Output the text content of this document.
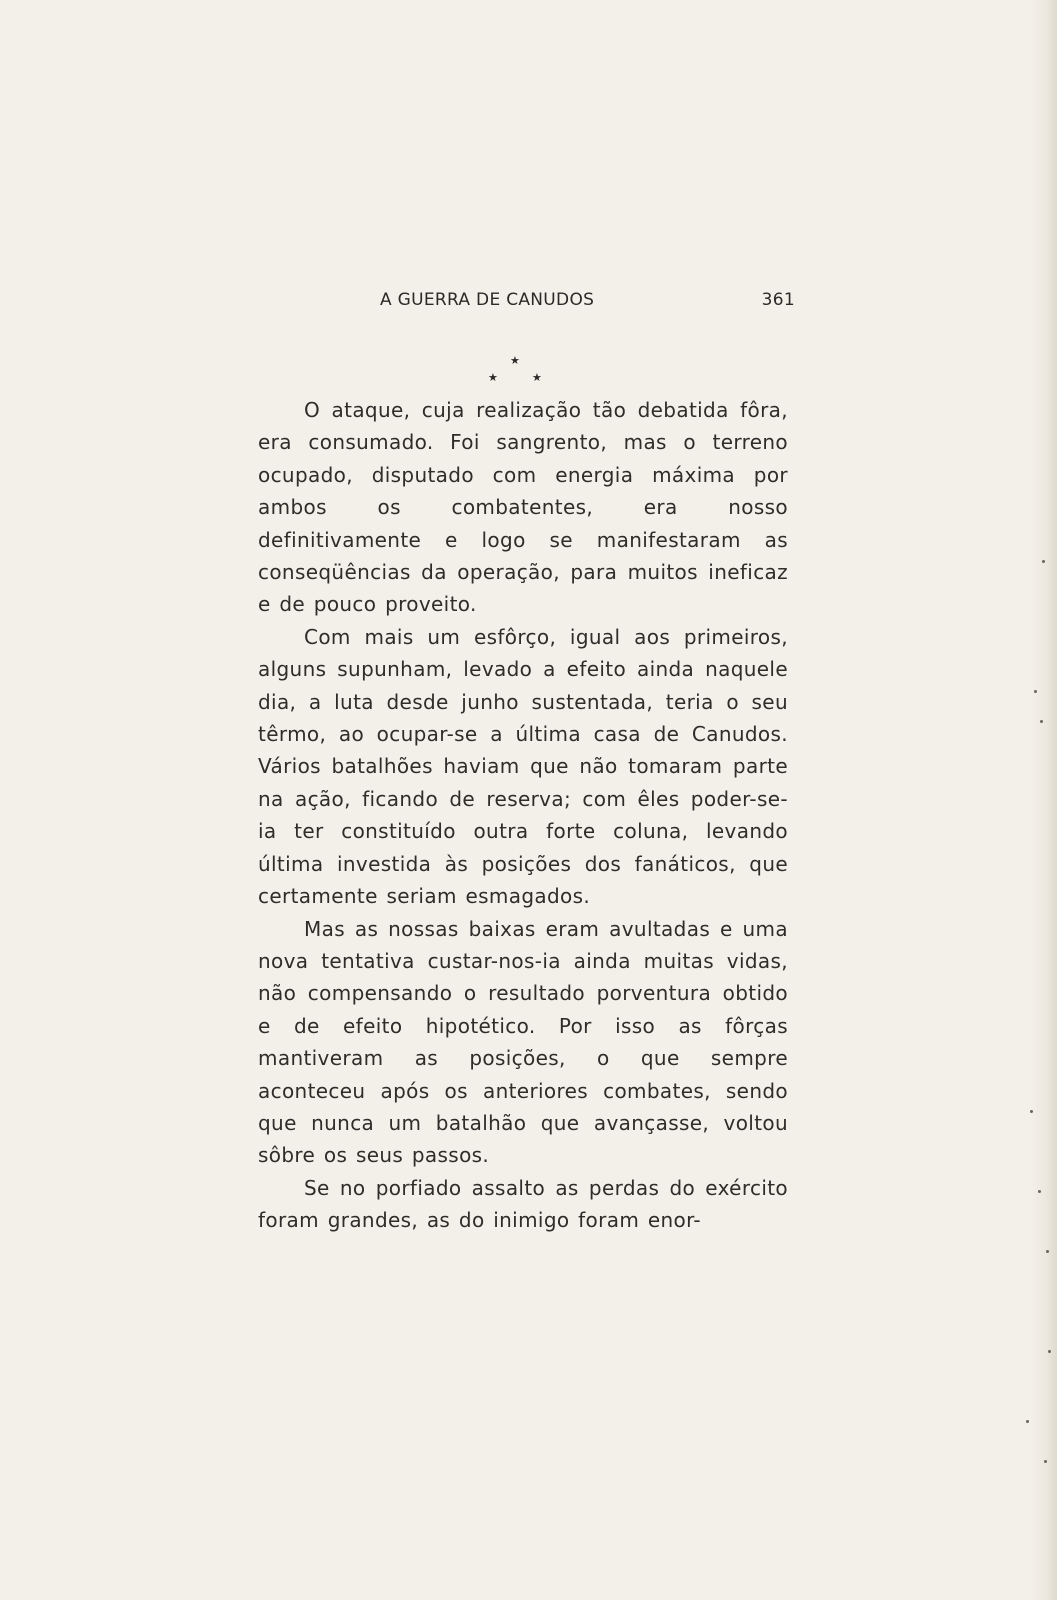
A GUERRA DE CANUDOS	361
★
★	★

O ataque, cuja realização tão debatida fôra, era consumado. Foi sangrento, mas o terreno ocupado, disputado com energia máxima por ambos os combatentes, era nosso definitivamente e logo se manifestaram as conseqüências da operação, para muitos ineficaz e de pouco proveito.

Com mais um esfôrço, igual aos primeiros, alguns supunham, levado a efeito ainda naquele dia, a luta desde junho sustentada, teria o seu têrmo, ao ocupar-se a última casa de Canudos. Vários batalhões haviam que não tomaram parte na ação, ficando de reserva; com êles poder-se-ia ter constituído outra forte coluna, levando última investida às posições dos fanáticos, que certamente seriam esmagados.

Mas as nossas baixas eram avultadas e uma nova tentativa custar-nos-ia ainda muitas vidas, não compensando o resultado porventura obtido e de efeito hipotético. Por isso as fôrças mantiveram as posições, o que sempre aconteceu após os anteriores combates, sendo que nunca um batalhão que avançasse, voltou sôbre os seus passos.

Se no porfiado assalto as perdas do exército foram grandes, as do inimigo foram enor-
